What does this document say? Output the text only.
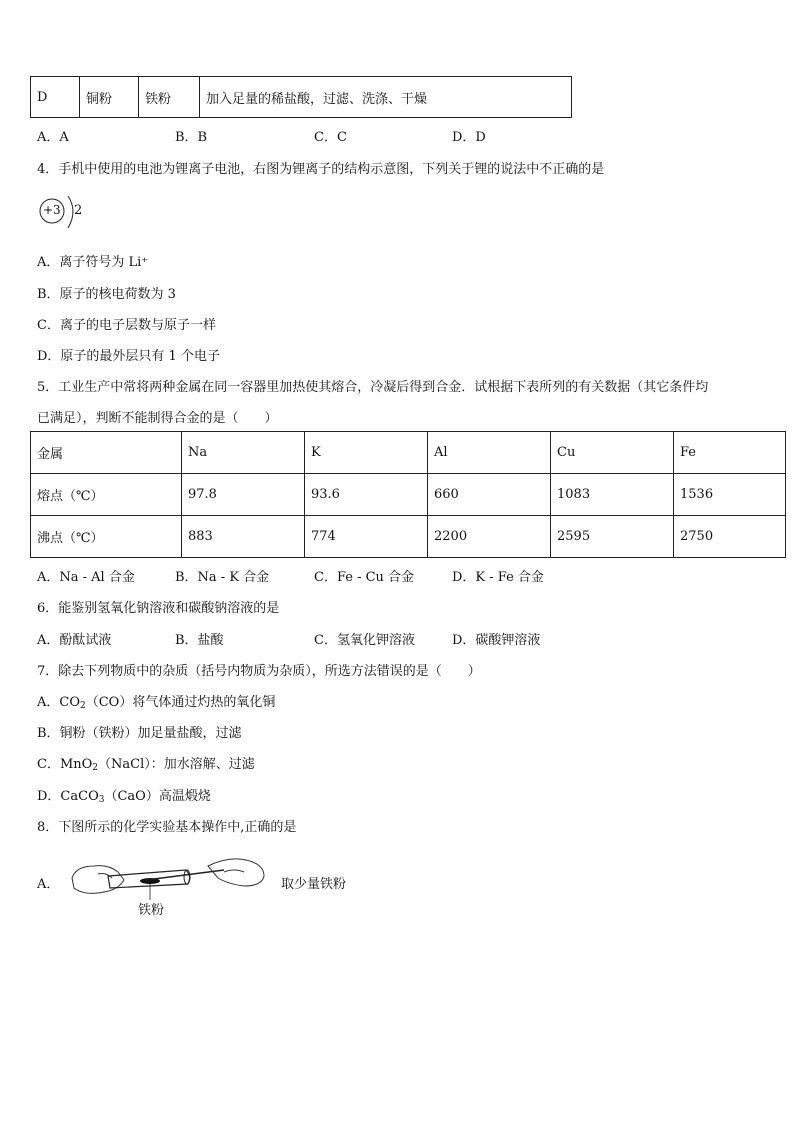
D	铜粉	铁粉	加入足量的稀盐酸，过滤、洗涤、干燥
A．A	B．B	C．C	D．D
4．手机中使用的电池为锂离子电池，右图为锂离子的结构示意图，下列关于锂的说法中不正确的是
+3 2
A．离子符号为 Li⁺
B．原子的核电荷数为 3
C．离子的电子层数与原子一样
D．原子的最外层只有 1 个电子
5．工业生产中常将两种金属在同一容器里加热使其熔合，冷凝后得到合金．试根据下表所列的有关数据（其它条件均
已满足），判断不能制得合金的是（　　）
金属	Na	K	Al	Cu	Fe
熔点（℃）	97.8	93.6	660	1083	1536
沸点（℃）	883	774	2200	2595	2750
A．Na - Al 合金	B．Na - K 合金	C．Fe - Cu 合金	D．K - Fe 合金
6．能鉴别氢氧化钠溶液和碳酸钠溶液的是
A．酚酞试液	B．盐酸	C．氢氧化钾溶液	D．碳酸钾溶液
7．除去下列物质中的杂质（括号内物质为杂质），所选方法错误的是（　　）
A．$CO_2(CO)$将气体通过灼热的氧化铜
B．铜粉（铁粉）加足量盐酸，过滤
C．MnO$_2$（NaCl）：加水溶解、过滤
D．CaCO$_3$（CaO）高温煅烧
8．下图所示的化学实验基本操作中,正确的是
A．
铁粉
取少量铁粉
